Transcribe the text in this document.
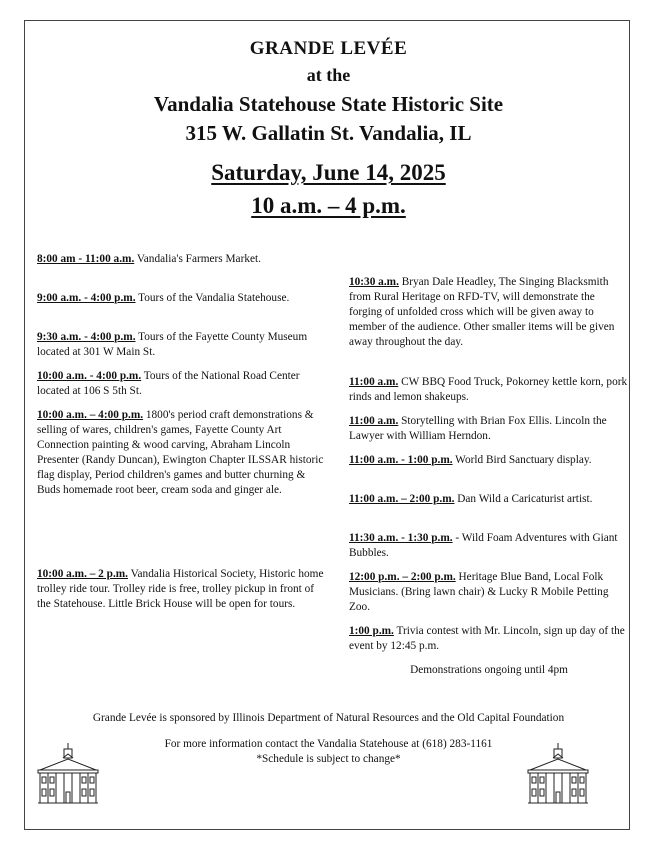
GRANDE LEVÉE
at the
Vandalia Statehouse State Historic Site
315 W. Gallatin St. Vandalia, IL
Saturday, June 14, 2025
10 a.m. – 4 p.m.
8:00 am - 11:00 a.m. Vandalia's Farmers Market.
9:00 a.m. - 4:00 p.m. Tours of the Vandalia Statehouse.
9:30 a.m. - 4:00 p.m. Tours of the Fayette County Museum located at 301 W Main St.
10:00 a.m. - 4:00 p.m. Tours of the National Road Center located at 106 S 5th St.
10:00 a.m. – 4:00 p.m. 1800's period craft demonstrations & selling of wares, children's games, Fayette County Art Connection painting & wood carving, Abraham Lincoln Presenter (Randy Duncan), Ewington Chapter ILSSAR historic flag display, Period children's games and butter churning & Buds homemade root beer, cream soda and ginger ale.
10:00 a.m. – 2 p.m. Vandalia Historical Society, Historic home trolley ride tour. Trolley ride is free, trolley pickup in front of the Statehouse. Little Brick House will be open for tours.
10:30 a.m. Bryan Dale Headley, The Singing Blacksmith from Rural Heritage on RFD-TV, will demonstrate the forging of unfolded cross which will be given away to member of the audience. Other smaller items will be given away throughout the day.
11:00 a.m. CW BBQ Food Truck, Pokorney kettle korn, pork rinds and lemon shakeups.
11:00 a.m. Storytelling with Brian Fox Ellis. Lincoln the Lawyer with William Herndon.
11:00 a.m. - 1:00 p.m. World Bird Sanctuary display.
11:00 a.m. – 2:00 p.m. Dan Wild a Caricaturist artist.
11:30 a.m. - 1:30 p.m. - Wild Foam Adventures with Giant Bubbles.
12:00 p.m. – 2:00 p.m. Heritage Blue Band, Local Folk Musicians. (Bring lawn chair) & Lucky R Mobile Petting Zoo.
1:00 p.m. Trivia contest with Mr. Lincoln, sign up day of the event by 12:45 p.m.
Demonstrations ongoing until 4pm
Grande Levée is sponsored by Illinois Department of Natural Resources and the Old Capital Foundation
For more information contact the Vandalia Statehouse at (618) 283-1161
*Schedule is subject to change*
